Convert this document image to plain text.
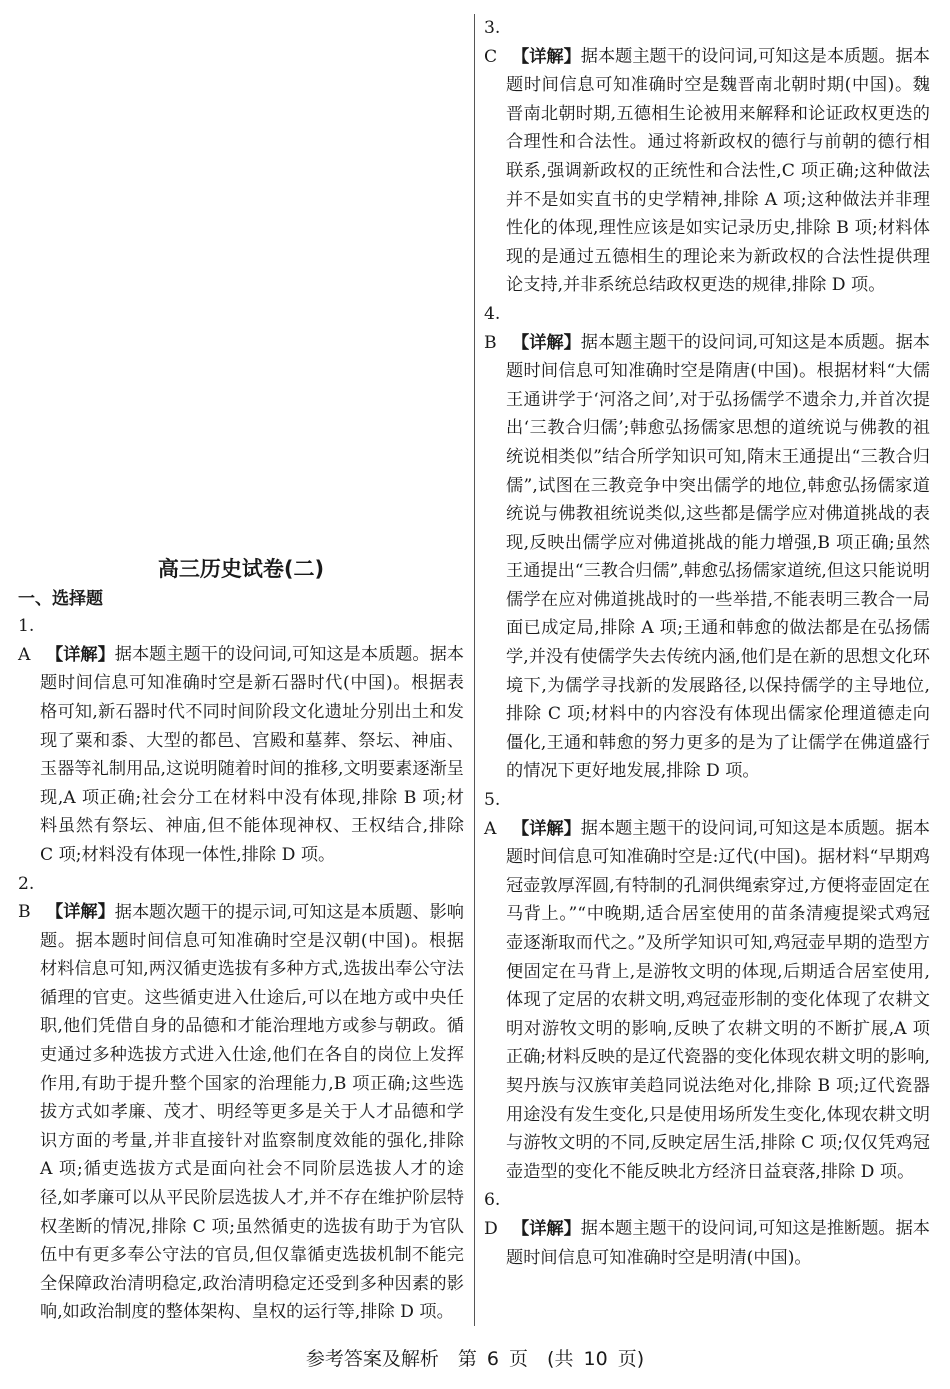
高三历史试卷(二)
一、选择题
1. A 【详解】据本题主题干的设问词,可知这是本质题。据本题时间信息可知准确时空是新石器时代(中国)。根据表格可知,新石器时代不同时间阶段文化遗址分别出土和发现了粟和黍、大型的都邑、宫殿和墓葬、祭坛、神庙、玉器等礼制用品,这说明随着时间的推移,文明要素逐渐呈现,A 项正确;社会分工在材料中没有体现,排除 B 项;材料虽然有祭坛、神庙,但不能体现神权、王权结合,排除 C 项;材料没有体现一体性,排除 D 项。
2. B 【详解】据本题次题干的提示词,可知这是本质题、影响题。据本题时间信息可知准确时空是汉朝(中国)。根据材料信息可知,两汉循吏选拔有多种方式,选拔出奉公守法循理的官吏。这些循吏进入仕途后,可以在地方或中央任职,他们凭借自身的品德和才能治理地方或参与朝政。循吏通过多种选拔方式进入仕途,他们在各自的岗位上发挥作用,有助于提升整个国家的治理能力,B 项正确;这些选拔方式如孝廉、茂才、明经等更多是关于人才品德和学识方面的考量,并非直接针对监察制度效能的强化,排除 A 项;循吏选拔方式是面向社会不同阶层选拔人才的途径,如孝廉可以从平民阶层选拔人才,并不存在维护阶层特权垄断的情况,排除 C 项;虽然循吏的选拔有助于为官队伍中有更多奉公守法的官员,但仅靠循吏选拔机制不能完全保障政治清明稳定,政治清明稳定还受到多种因素的影响,如政治制度的整体架构、皇权的运行等,排除 D 项。
3. C 【详解】据本题主题干的设问词,可知这是本质题。据本题时间信息可知准确时空是魏晋南北朝时期(中国)。魏晋南北朝时期,五德相生论被用来解释和论证政权更迭的合理性和合法性。通过将新政权的德行与前朝的德行相联系,强调新政权的正统性和合法性,C 项正确;这种做法并不是如实直书的史学精神,排除 A 项;这种做法并非理性化的体现,理性应该是如实记录历史,排除 B 项;材料体现的是通过五德相生的理论来为新政权的合法性提供理论支持,并非系统总结政权更迭的规律,排除 D 项。
4. B 【详解】据本题主题干的设问词,可知这是本质题。据本题时间信息可知准确时空是隋唐(中国)。根据材料“大儒王通讲学于‘河洛之间’,对于弘扬儒学不遗余力,并首次提出‘三教合归儒’;韩愈弘扬儒家思想的道统说与佛教的祖统说相类似”结合所学知识可知,隋末王通提出“三教合归儒”,试图在三教竞争中突出儒学的地位,韩愈弘扬儒家道统说与佛教祖统说类似,这些都是儒学应对佛道挑战的表现,反映出儒学应对佛道挑战的能力增强,B 项正确;虽然王通提出“三教合归儒”,韩愈弘扬儒家道统,但这只能说明儒学在应对佛道挑战时的一些举措,不能表明三教合一局面已成定局,排除 A 项;王通和韩愈的做法都是在弘扬儒学,并没有使儒学失去传统内涵,他们是在新的思想文化环境下,为儒学寻找新的发展路径,以保持儒学的主导地位,排除 C 项;材料中的内容没有体现出儒家伦理道德走向僵化,王通和韩愈的努力更多的是为了让儒学在佛道盛行的情况下更好地发展,排除 D 项。
5. A 【详解】据本题主题干的设问词,可知这是本质题。据本题时间信息可知准确时空是:辽代(中国)。据材料“早期鸡冠壶敦厚浑圆,有特制的孔洞供绳索穿过,方便将壶固定在马背上。”“中晚期,适合居室使用的苗条清瘦提梁式鸡冠壶逐渐取而代之。”及所学知识可知,鸡冠壶早期的造型方便固定在马背上,是游牧文明的体现,后期适合居室使用,体现了定居的农耕文明,鸡冠壶形制的变化体现了农耕文明对游牧文明的影响,反映了农耕文明的不断扩展,A 项正确;材料反映的是辽代瓷器的变化体现农耕文明的影响,契丹族与汉族审美趋同说法绝对化,排除 B 项;辽代瓷器用途没有发生变化,只是使用场所发生变化,体现农耕文明与游牧文明的不同,反映定居生活,排除 C 项;仅仅凭鸡冠壶造型的变化不能反映北方经济日益衰落,排除 D 项。
6. D 【详解】据本题主题干的设问词,可知这是推断题。据本题时间信息可知准确时空是明清(中国)。
参考答案及解析　第 6 页　(共 10 页)
